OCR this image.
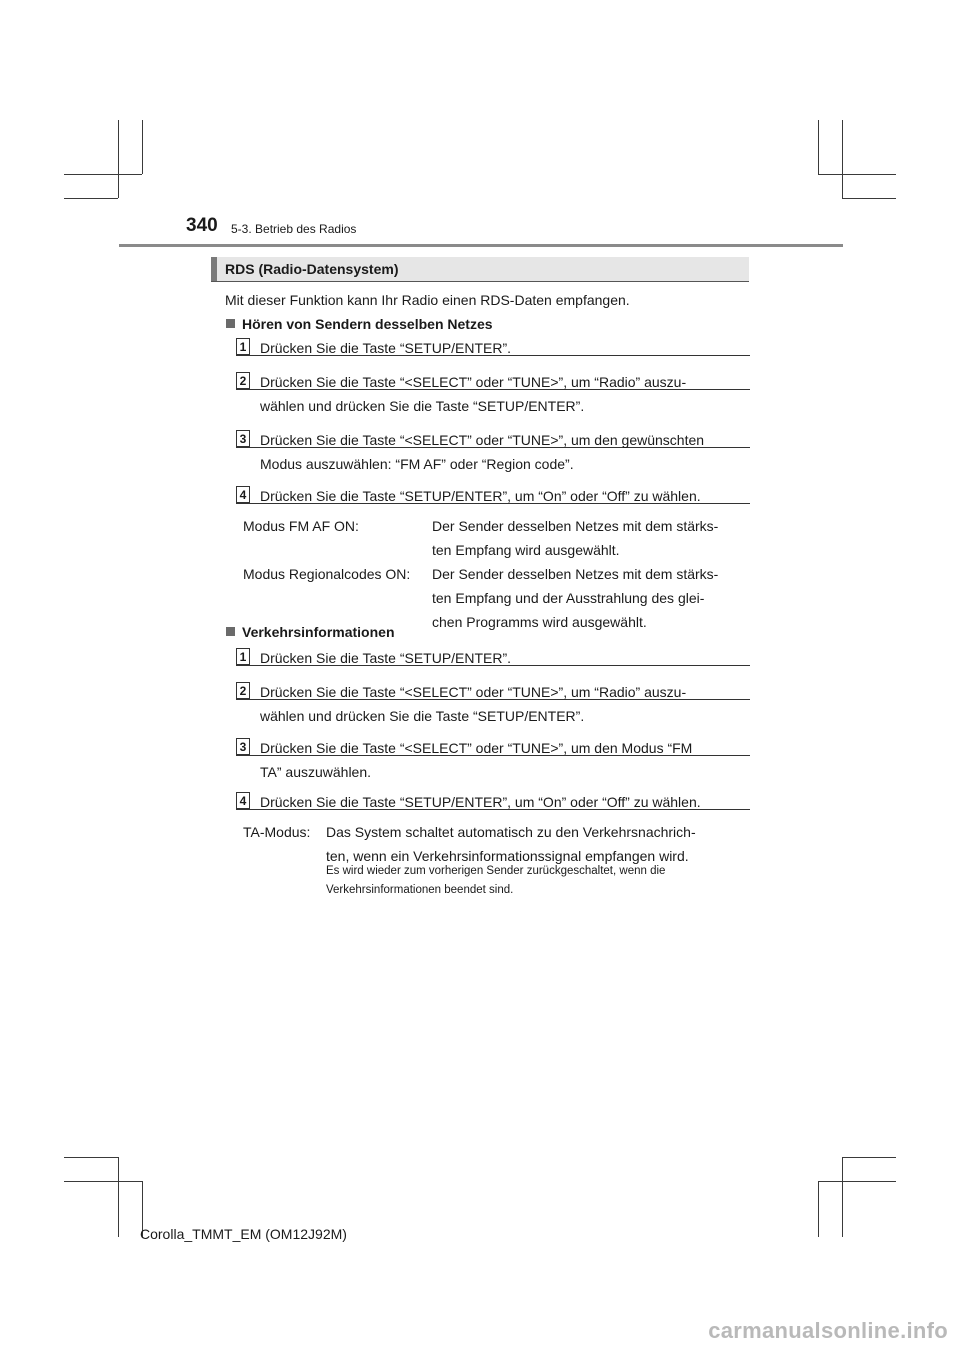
340 5-3. Betrieb des Radios
RDS (Radio-Datensystem)
Mit dieser Funktion kann Ihr Radio einen RDS-Daten empfangen.
Hören von Sendern desselben Netzes
1 Drücken Sie die Taste “SETUP/ENTER”.
2 Drücken Sie die Taste “<SELECT” oder “TUNE>”, um “Radio” auszu-
wählen und drücken Sie die Taste “SETUP/ENTER”.
3 Drücken Sie die Taste “<SELECT” oder “TUNE>”, um den gewünschten
Modus auszuwählen: “FM AF” oder “Region code”.
4 Drücken Sie die Taste “SETUP/ENTER”, um “On” oder “Off” zu wählen.
Modus FM AF ON:	Der Sender desselben Netzes mit dem stärks-
ten Empfang wird ausgewählt.
Modus Regionalcodes ON: Der Sender desselben Netzes mit dem stärks-
ten Empfang und der Ausstrahlung des glei-
chen Programms wird ausgewählt.
Verkehrsinformationen
1 Drücken Sie die Taste “SETUP/ENTER”.
2 Drücken Sie die Taste “<SELECT” oder “TUNE>”, um “Radio” auszu-
wählen und drücken Sie die Taste “SETUP/ENTER”.
3 Drücken Sie die Taste “<SELECT” oder “TUNE>”, um den Modus “FM
TA” auszuwählen.
4 Drücken Sie die Taste “SETUP/ENTER”, um “On” oder “Off” zu wählen.
TA-Modus: Das System schaltet automatisch zu den Verkehrsnachrich-
ten, wenn ein Verkehrsinformationssignal empfangen wird.
Es wird wieder zum vorherigen Sender zurückgeschaltet, wenn die
Verkehrsinformationen beendet sind.
Corolla_TMMT_EM (OM12J92M)
carmanualsonline.info
